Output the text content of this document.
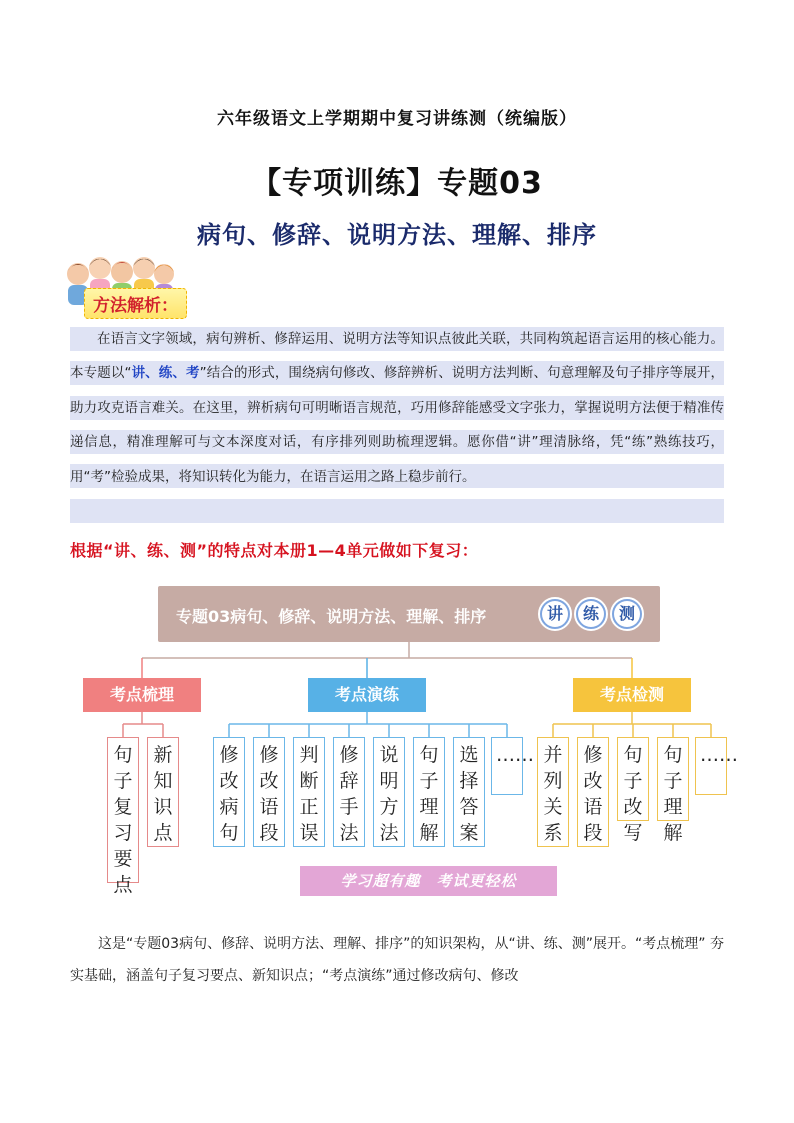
六年级语文上学期期中复习讲练测（统编版）
【专项训练】专题03
病句、修辞、说明方法、理解、排序
方法解析：

在语言文字领域，病句辨析、修辞运用、说明方法等知识点彼此关联，共同构筑起语言运用的核心能力。本专题以“讲、练、考”结合的形式，围绕病句修改、修辞辨析、说明方法判断、句意理解及句子排序等展开，助力攻克语言难关。在这里，辨析病句可明晰语言规范，巧用修辞能感受文字张力，掌握说明方法便于精准传递信息，精准理解可与文本深度对话，有序排列则助梳理逻辑。愿你借“讲”理清脉络，凭“练”熟练技巧，用“考”检验成果，将知识转化为能力，在语言运用之路上稳步前行。

根据“讲、练、测”的特点对本册1—4单元做如下复习：
专题03病句、修辞、说明方法、理解、排序	讲	练	测
考点梳理	考点演练	考点检测
句子复习要点
新知识点
修改病句
修改语段
判断正误
修辞手法
说明方法
句子理解
选择答案
…… 并列关系
修改语段
句子改写
句子理解
……
学习超有趣　考试更轻松

这是“专题03病句、修辞、说明方法、理解、排序”的知识架构，从“讲、练、测”展开。“考点梳理” 夯实基础，涵盖句子复习要点、新知识点；“考点演练”通过修改病句、修改
